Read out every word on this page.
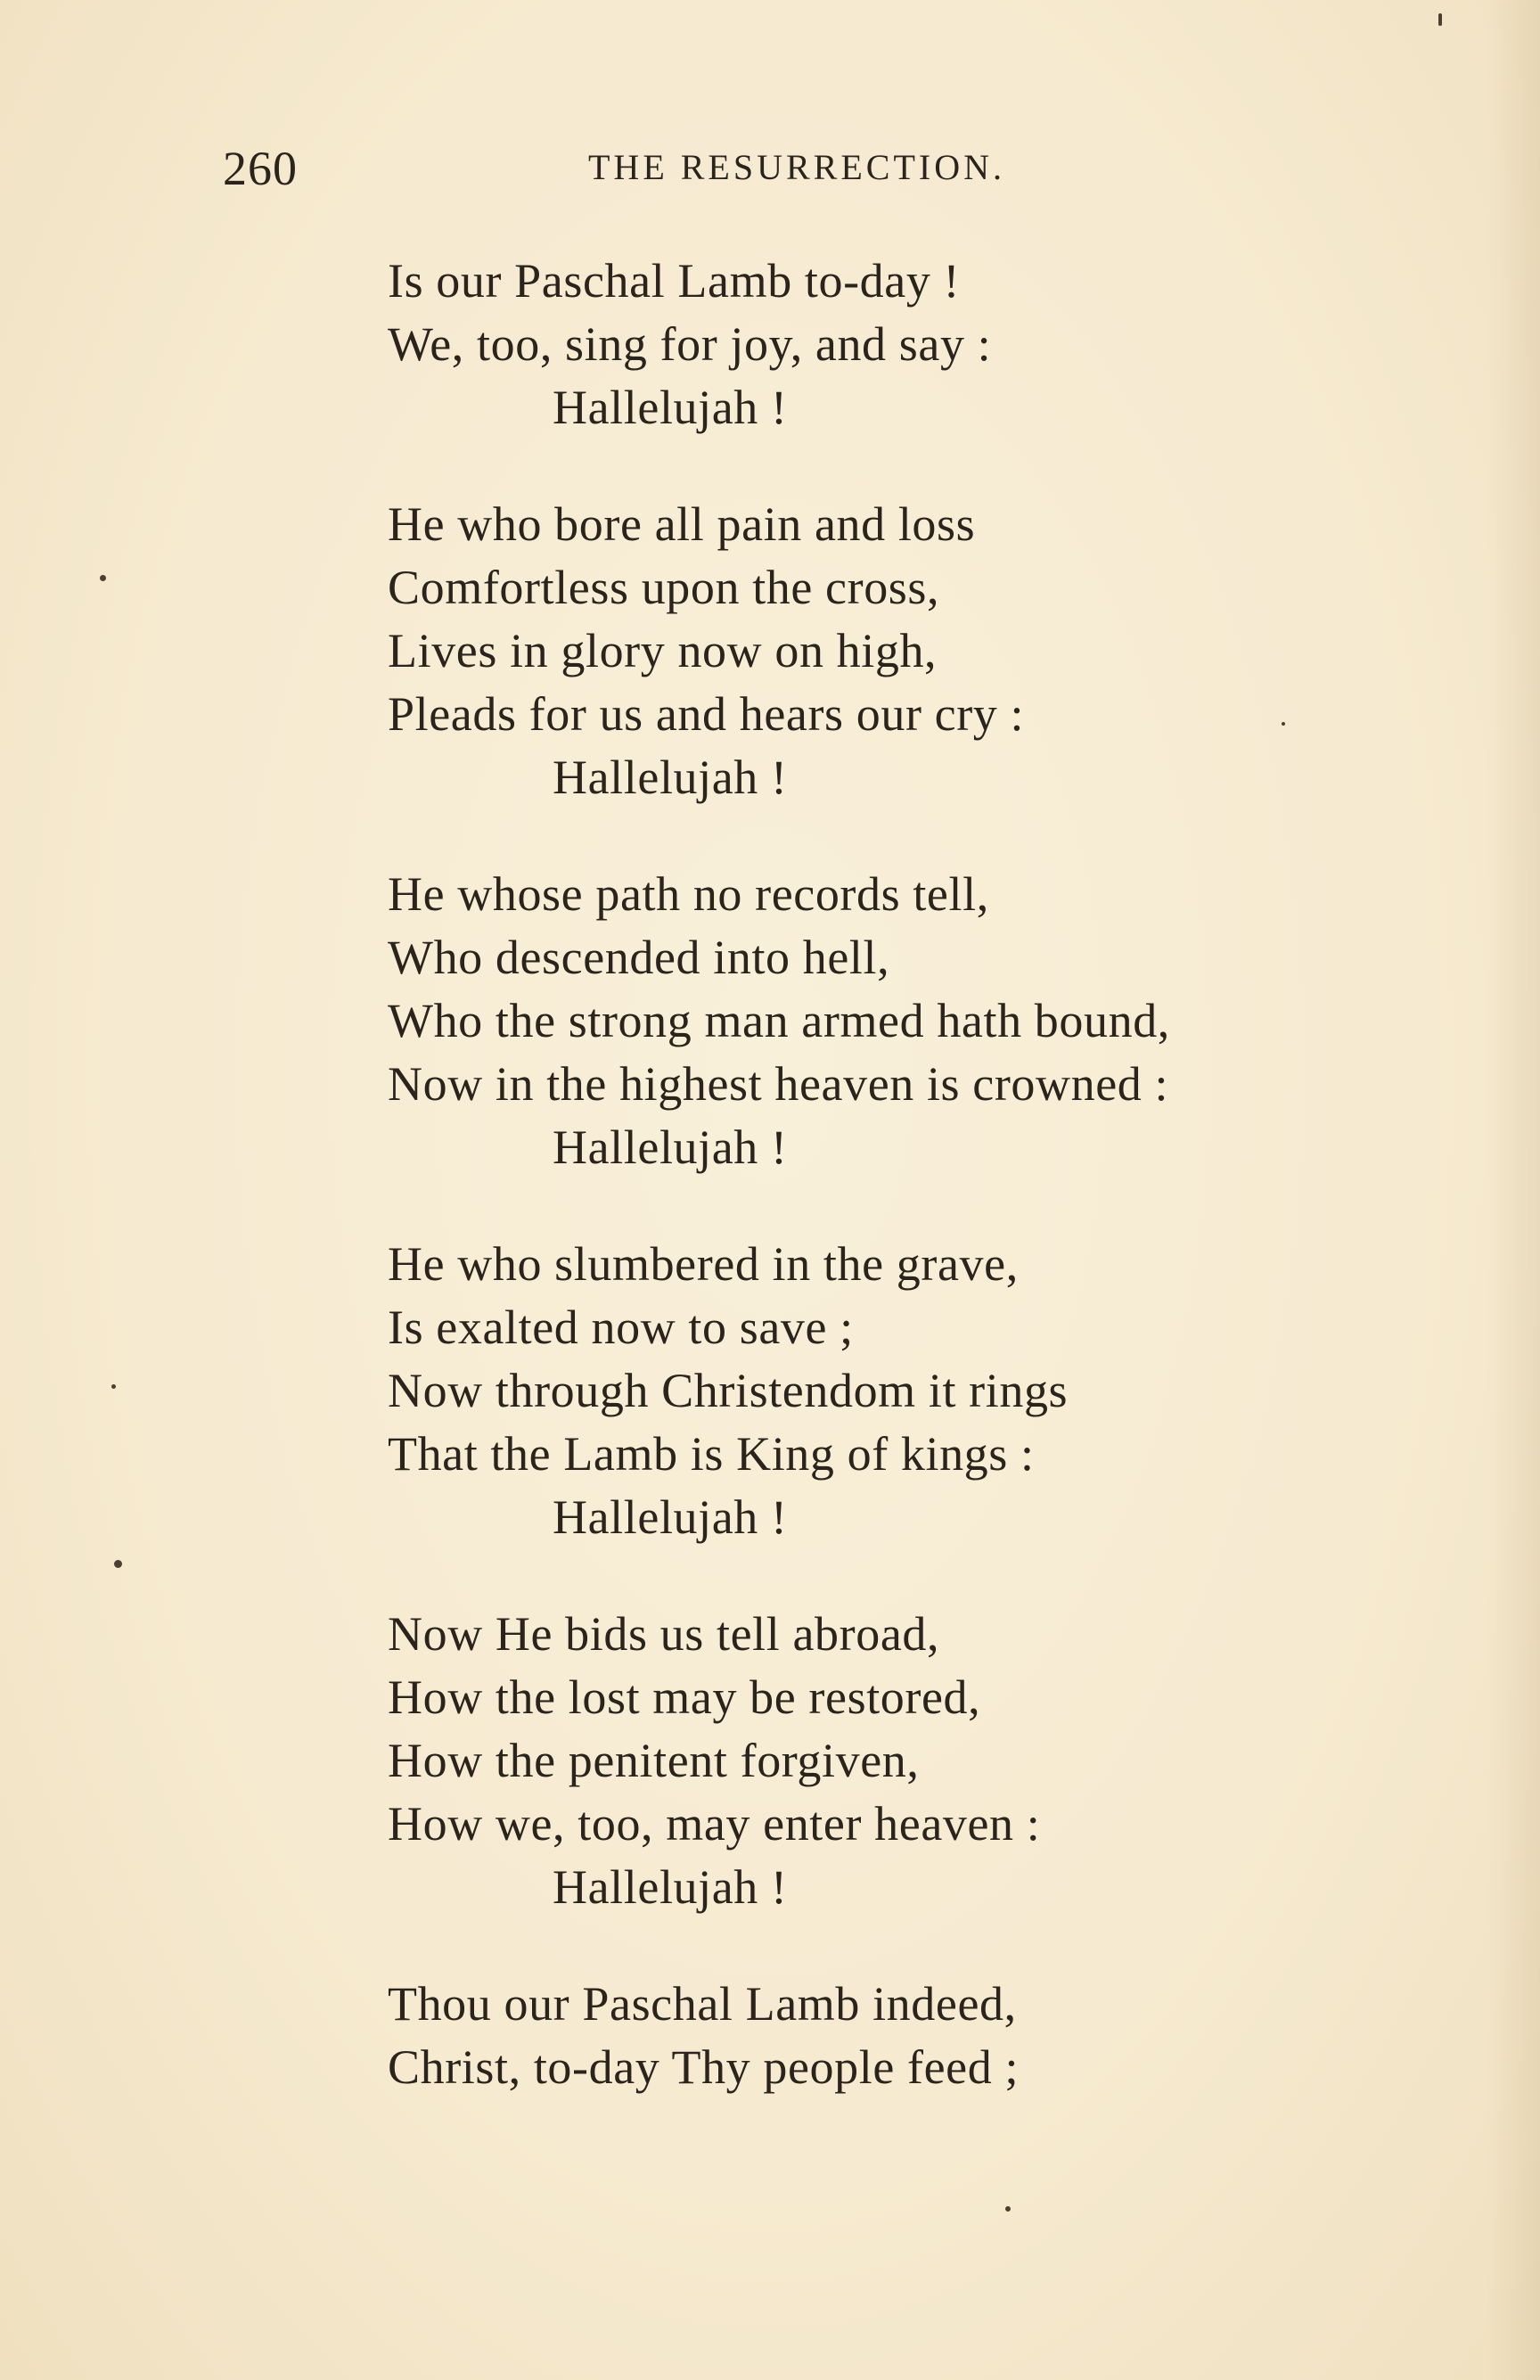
260	THE RESURRECTION.
Is our Paschal Lamb to-day !
We, too, sing for joy, and say :
Hallelujah !
He who bore all pain and loss
Comfortless upon the cross,
Lives in glory now on high,
Pleads for us and hears our cry :
Hallelujah !
He whose path no records tell,
Who descended into hell,
Who the strong man armed hath bound,
Now in the highest heaven is crowned :
Hallelujah !
He who slumbered in the grave,
Is exalted now to save ;
Now through Christendom it rings
That the Lamb is King of kings :
Hallelujah !
Now He bids us tell abroad,
How the lost may be restored,
How the penitent forgiven,
How we, too, may enter heaven :
Hallelujah !
Thou our Paschal Lamb indeed,
Christ, to-day Thy people feed ;
